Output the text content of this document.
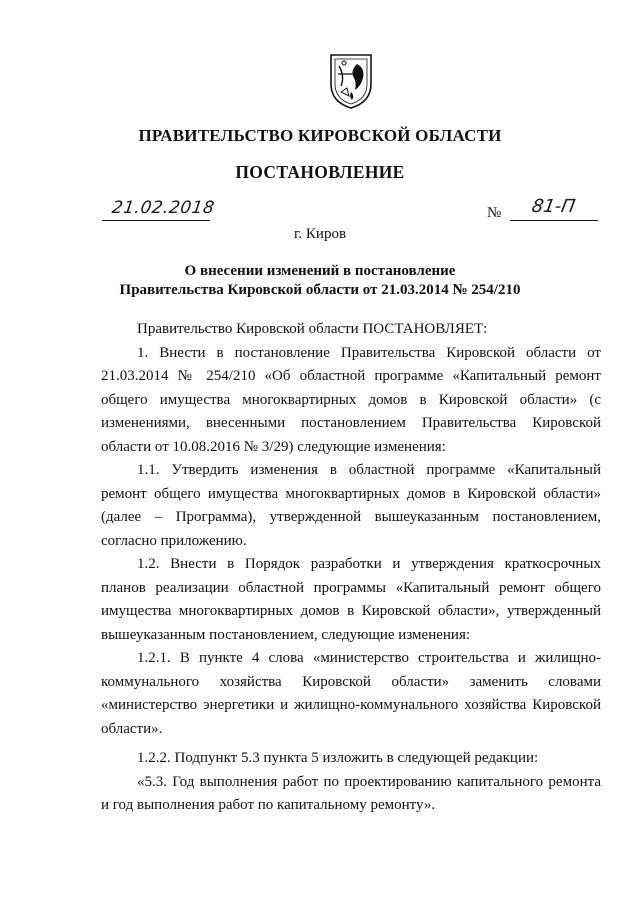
ПРАВИТЕЛЬСТВО КИРОВСКОЙ ОБЛАСТИ
ПОСТАНОВЛЕНИЕ
21.02.2018	№ 81-П
г. Киров
О внесении изменений в постановление
Правительства Кировской области от 21.03.2014 № 254/210

Правительство Кировской области ПОСТАНОВЛЯЕТ:

1. Внести в постановление Правительства Кировской области от 21.03.2014 № 254/210 «Об областной программе «Капитальный ремонт общего имущества многоквартирных домов в Кировской области» (с изменениями, внесенными постановлением Правительства Кировской области от 10.08.2016 № 3/29) следующие изменения:

1.1. Утвердить изменения в областной программе «Капитальный ремонт общего имущества многоквартирных домов в Кировской области» (далее – Программа), утвержденной вышеуказанным постановлением, согласно приложению.

1.2. Внести в Порядок разработки и утверждения краткосрочных планов реализации областной программы «Капитальный ремонт общего имущества многоквартирных домов в Кировской области», утвержденный вышеуказанным постановлением, следующие изменения:

1.2.1. В пункте 4 слова «министерство строительства и жилищно-коммунального хозяйства Кировской области» заменить словами «министерство энергетики и жилищно-коммунального хозяйства Кировской области».

1.2.2. Подпункт 5.3 пункта 5 изложить в следующей редакции:

«5.3. Год выполнения работ по проектированию капитального ремонта и год выполнения работ по капитальному ремонту».
